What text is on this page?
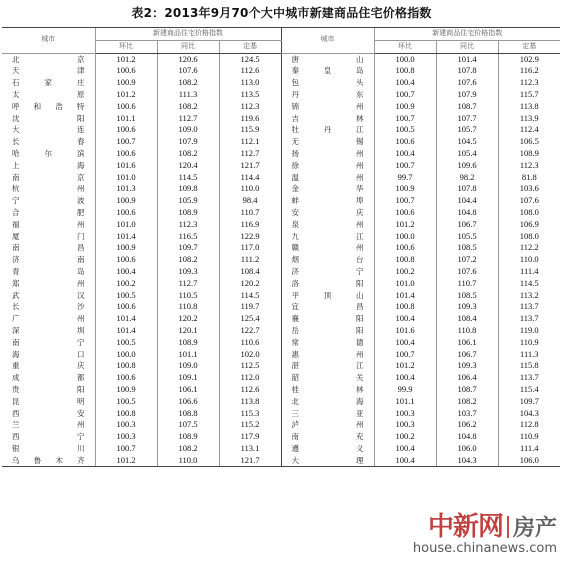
表2：2013年9月70个大中城市新建商品住宅价格指数
城市	新建商品住宅价格指数			城市	新建商品住宅价格指数		
	环比	同比	定基		环比	同比	定基
北　京	101.2	120.6	124.5	唐　山	100.0	101.4	102.9
天　津	100.6	107.6	112.6	秦皇岛	100.8	107.8	116.2
石家庄	100.9	108.2	113.0	包　头	100.4	107.6	112.3
太　原	101.2	111.3	113.5	丹　东	100.7	107.9	115.7
呼和浩特	100.6	108.2	112.3	锦　州	100.9	108.7	113.8
沈　阳	101.1	112.7	119.6	吉　林	100.7	107.7	113.9
大　连	100.6	109.0	115.9	牡丹江	100.5	105.7	112.4
长　春	100.7	107.9	112.1	无　锡	100.6	104.5	106.5
哈尔滨	100.6	108.2	112.7	扬　州	100.4	105.4	108.9
上　海	101.6	120.4	121.7	徐　州	100.7	109.6	112.3
南　京	101.0	114.5	114.4	温　州	99.7	98.2	81.8
杭　州	101.3	109.8	110.0	金　华	100.9	107.8	103.6
宁　波	100.9	105.9	98.4	蚌　埠	100.7	104.4	107.6
合　肥	100.6	108.9	110.7	安　庆	100.6	104.8	108.0
福　州	101.0	112.3	116.9	泉　州	101.2	106.7	106.9
厦　门	101.4	116.5	122.9	九　江	100.0	105.5	108.0
南　昌	100.9	109.7	117.0	赣　州	100.6	108.5	112.2
济　南	100.6	108.2	111.2	烟　台	100.8	107.2	110.0
青　岛	100.4	109.3	108.4	济　宁	100.2	107.6	111.4
郑　州	100.2	112.7	120.2	洛　阳	101.0	110.7	114.5
武　汉	100.5	110.5	114.5	平顶山	101.4	108.5	113.2
长　沙	100.6	110.8	119.7	宜　昌	100.8	109.3	113.7
广　州	101.4	120.2	125.4	襄　阳	100.4	108.4	113.7
深　圳	101.4	120.1	122.7	岳　阳	101.6	110.8	119.0
南　宁	100.5	108.9	110.6	常　德	100.4	106.1	110.9
海　口	100.0	101.1	102.0	惠　州	100.7	106.7	111.3
重　庆	100.8	109.0	112.5	湛　江	101.2	109.3	115.8
成　都	100.6	109.1	112.0	韶　关	100.4	106.4	113.7
贵　阳	100.9	106.1	112.6	桂　林	99.9	108.7	115.4
昆　明	100.5	106.6	113.8	北　海	101.1	108.2	109.7
西　安	100.8	108.8	115.3	三　亚	100.3	103.7	104.3
兰　州	100.3	107.5	115.2	泸　州	100.3	106.2	112.8
西　宁	100.3	108.9	117.9	南　充	100.2	104.8	110.9
银　川	100.7	108.2	113.1	遵　义	100.4	106.0	111.4
乌鲁木齐	101.2	110.0	121.7	大　理	100.4	104.3	106.0
中新网 房产
house.chinanews.com
